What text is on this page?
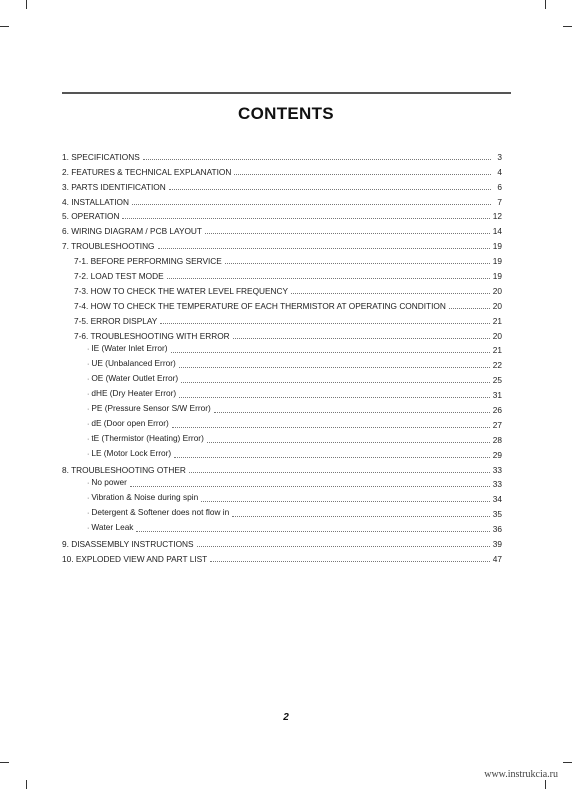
CONTENTS
1. SPECIFICATIONS	3
2. FEATURES & TECHNICAL EXPLANATION	4
3. PARTS IDENTIFICATION	6
4. INSTALLATION	7
5. OPERATION	12
6. WIRING DIAGRAM / PCB LAYOUT	14
7. TROUBLESHOOTING	19
7-1. BEFORE PERFORMING SERVICE	19
7-2. LOAD TEST MODE	19
7-3. HOW TO CHECK THE WATER LEVEL FREQUENCY	20
7-4. HOW TO CHECK THE TEMPERATURE OF EACH THERMISTOR AT OPERATING CONDITION	20
7-5. ERROR DISPLAY	21
7-6. TROUBLESHOOTING WITH ERROR	20
· IE (Water Inlet Error)	21
· UE (Unbalanced Error)	22
· OE (Water Outlet Error)	25
· dHE (Dry Heater Error)	31
· PE (Pressure Sensor S/W Error)	26
· dE (Door open Error)	27
· tE (Thermistor (Heating) Error)	28
· LE (Motor Lock Error)	29
8. TROUBLESHOOTING OTHER	33
· No power	33
· Vibration & Noise during spin	34
· Detergent & Softener does not flow in	35
· Water Leak	36
9. DISASSEMBLY INSTRUCTIONS	39
10. EXPLODED VIEW AND PART LIST	47
2
www.instrukcia.ru
